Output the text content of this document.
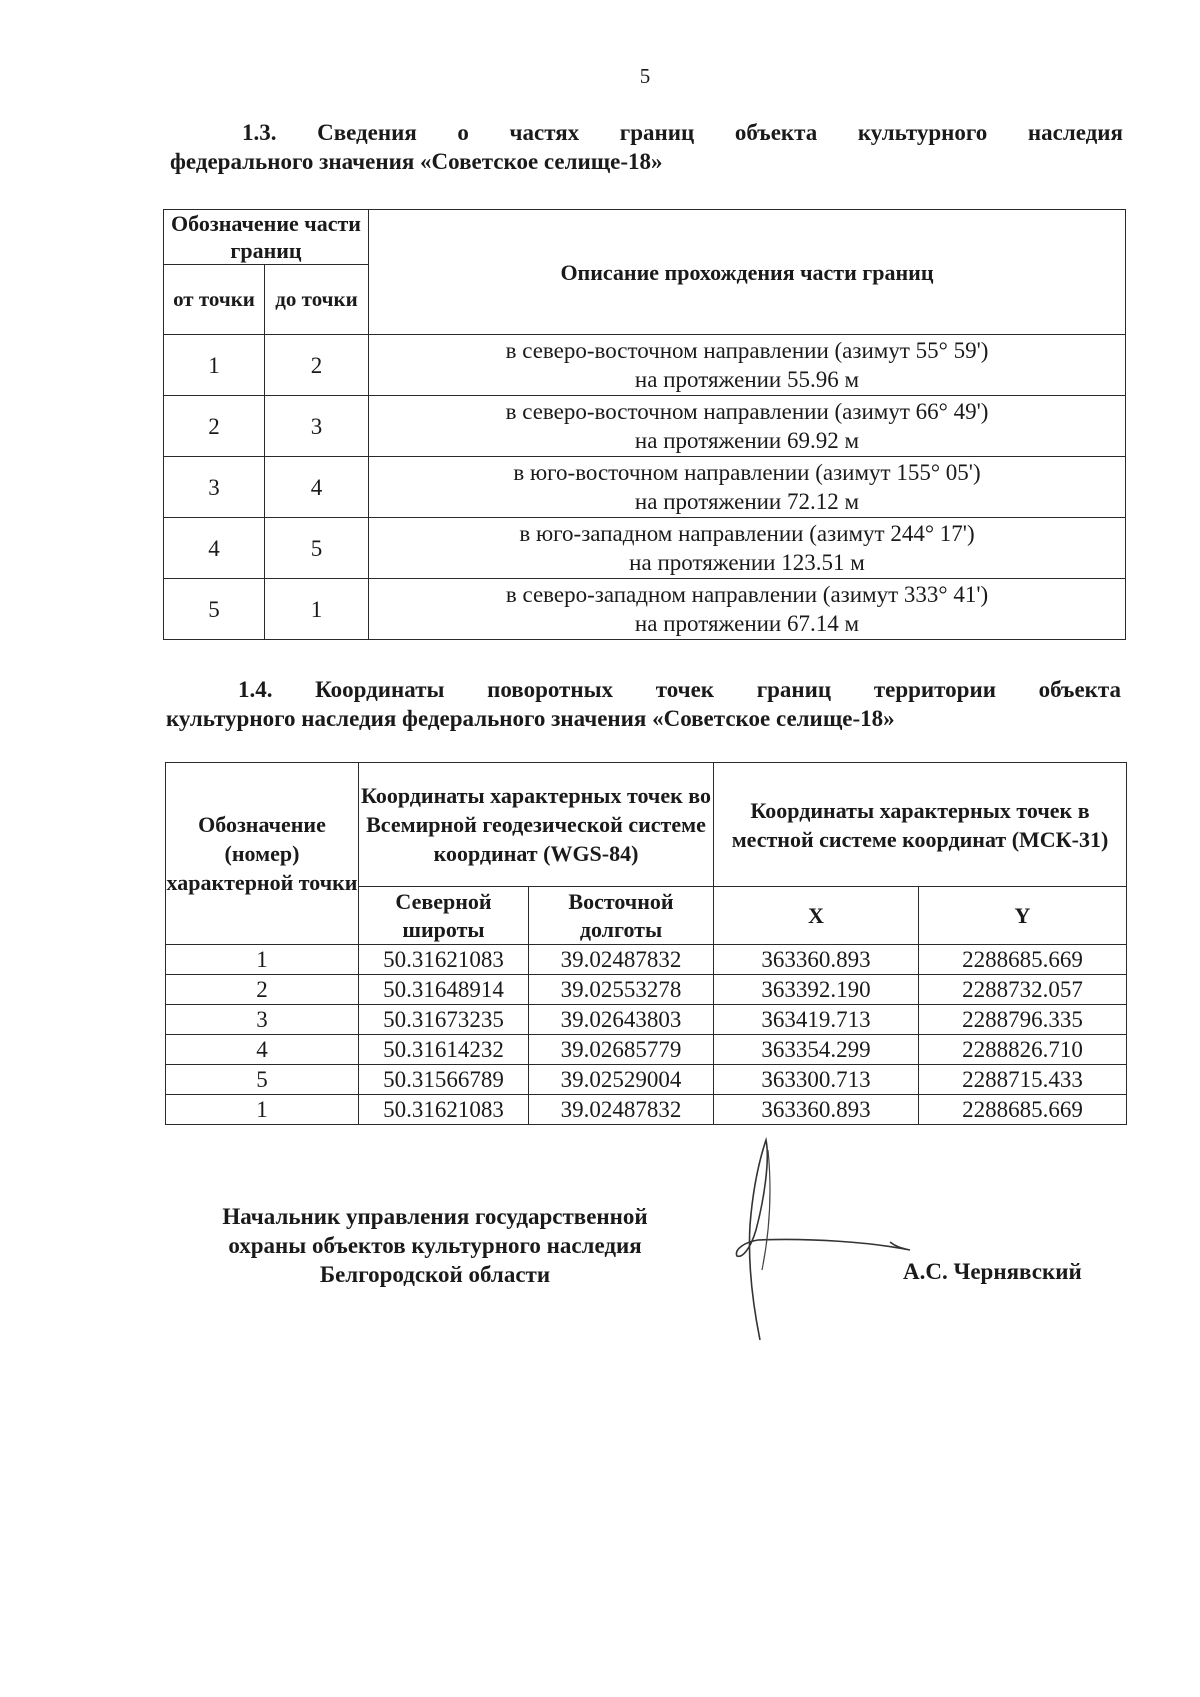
5
1.3. Сведения о частях границ объекта культурного наследия
федерального значения «Советское селище-18»
Обозначение части границ		Описание прохождения части границ
от точки	до точки	
1	2	в северо-восточном направлении (азимут 55° 59')
на протяжении 55.96 м

2	3	в северо-восточном направлении (азимут 66° 49')
на протяжении 69.92 м

3	4	в юго-восточном направлении (азимут 155° 05')
на протяжении 72.12 м

4	5	в юго-западном направлении (азимут 244° 17')
на протяжении 123.51 м

5	1	в северо-западном направлении (азимут 333° 41')
на протяжении 67.14 м
1.4. Координаты поворотных точек границ территории объекта
культурного наследия федерального значения «Советское селище-18»
Обозначение (номер) характерной точки	Координаты характерных точек во Всемирной геодезической системе координат (WGS-84)		Координаты характерных точек в местной системе координат (МСК-31)	
	Северной широты	Восточной долготы	X	Y
1	50.31621083	39.02487832	363360.893	2288685.669
2	50.31648914	39.02553278	363392.190	2288732.057
3	50.31673235	39.02643803	363419.713	2288796.335
4	50.31614232	39.02685779	363354.299	2288826.710
5	50.31566789	39.02529004	363300.713	2288715.433
1	50.31621083	39.02487832	363360.893	2288685.669
Начальник управления государственной
охраны объектов культурного наследия
Белгородской области	А.С. Чернявский
